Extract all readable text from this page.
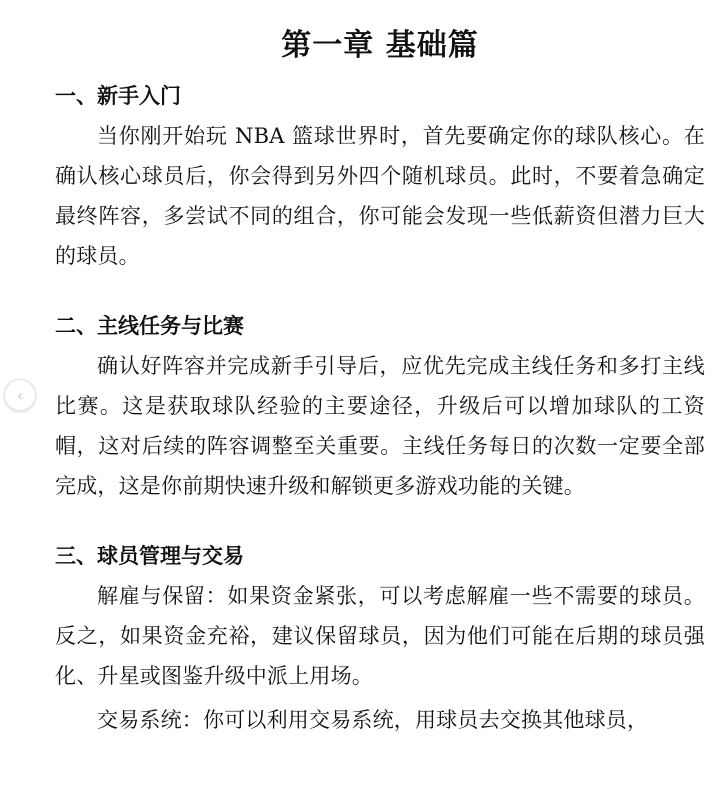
第一章 基础篇
一、新手入门

当你刚开始玩 NBA 篮球世界时，首先要确定你的球队核心。在确认核心球员后，你会得到另外四个随机球员。此时，不要着急确定最终阵容，多尝试不同的组合，你可能会发现一些低薪资但潜力巨大的球员。

二、主线任务与比赛

确认好阵容并完成新手引导后，应优先完成主线任务和多打主线比赛。这是获取球队经验的主要途径，升级后可以增加球队的工资帽，这对后续的阵容调整至关重要。主线任务每日的次数一定要全部完成，这是你前期快速升级和解锁更多游戏功能的关键。

三、球员管理与交易

解雇与保留：如果资金紧张，可以考虑解雇一些不需要的球员。反之，如果资金充裕，建议保留球员，因为他们可能在后期的球员强化、升星或图鉴升级中派上用场。

交易系统：你可以利用交易系统，用球员去交换其他球员，

‹
